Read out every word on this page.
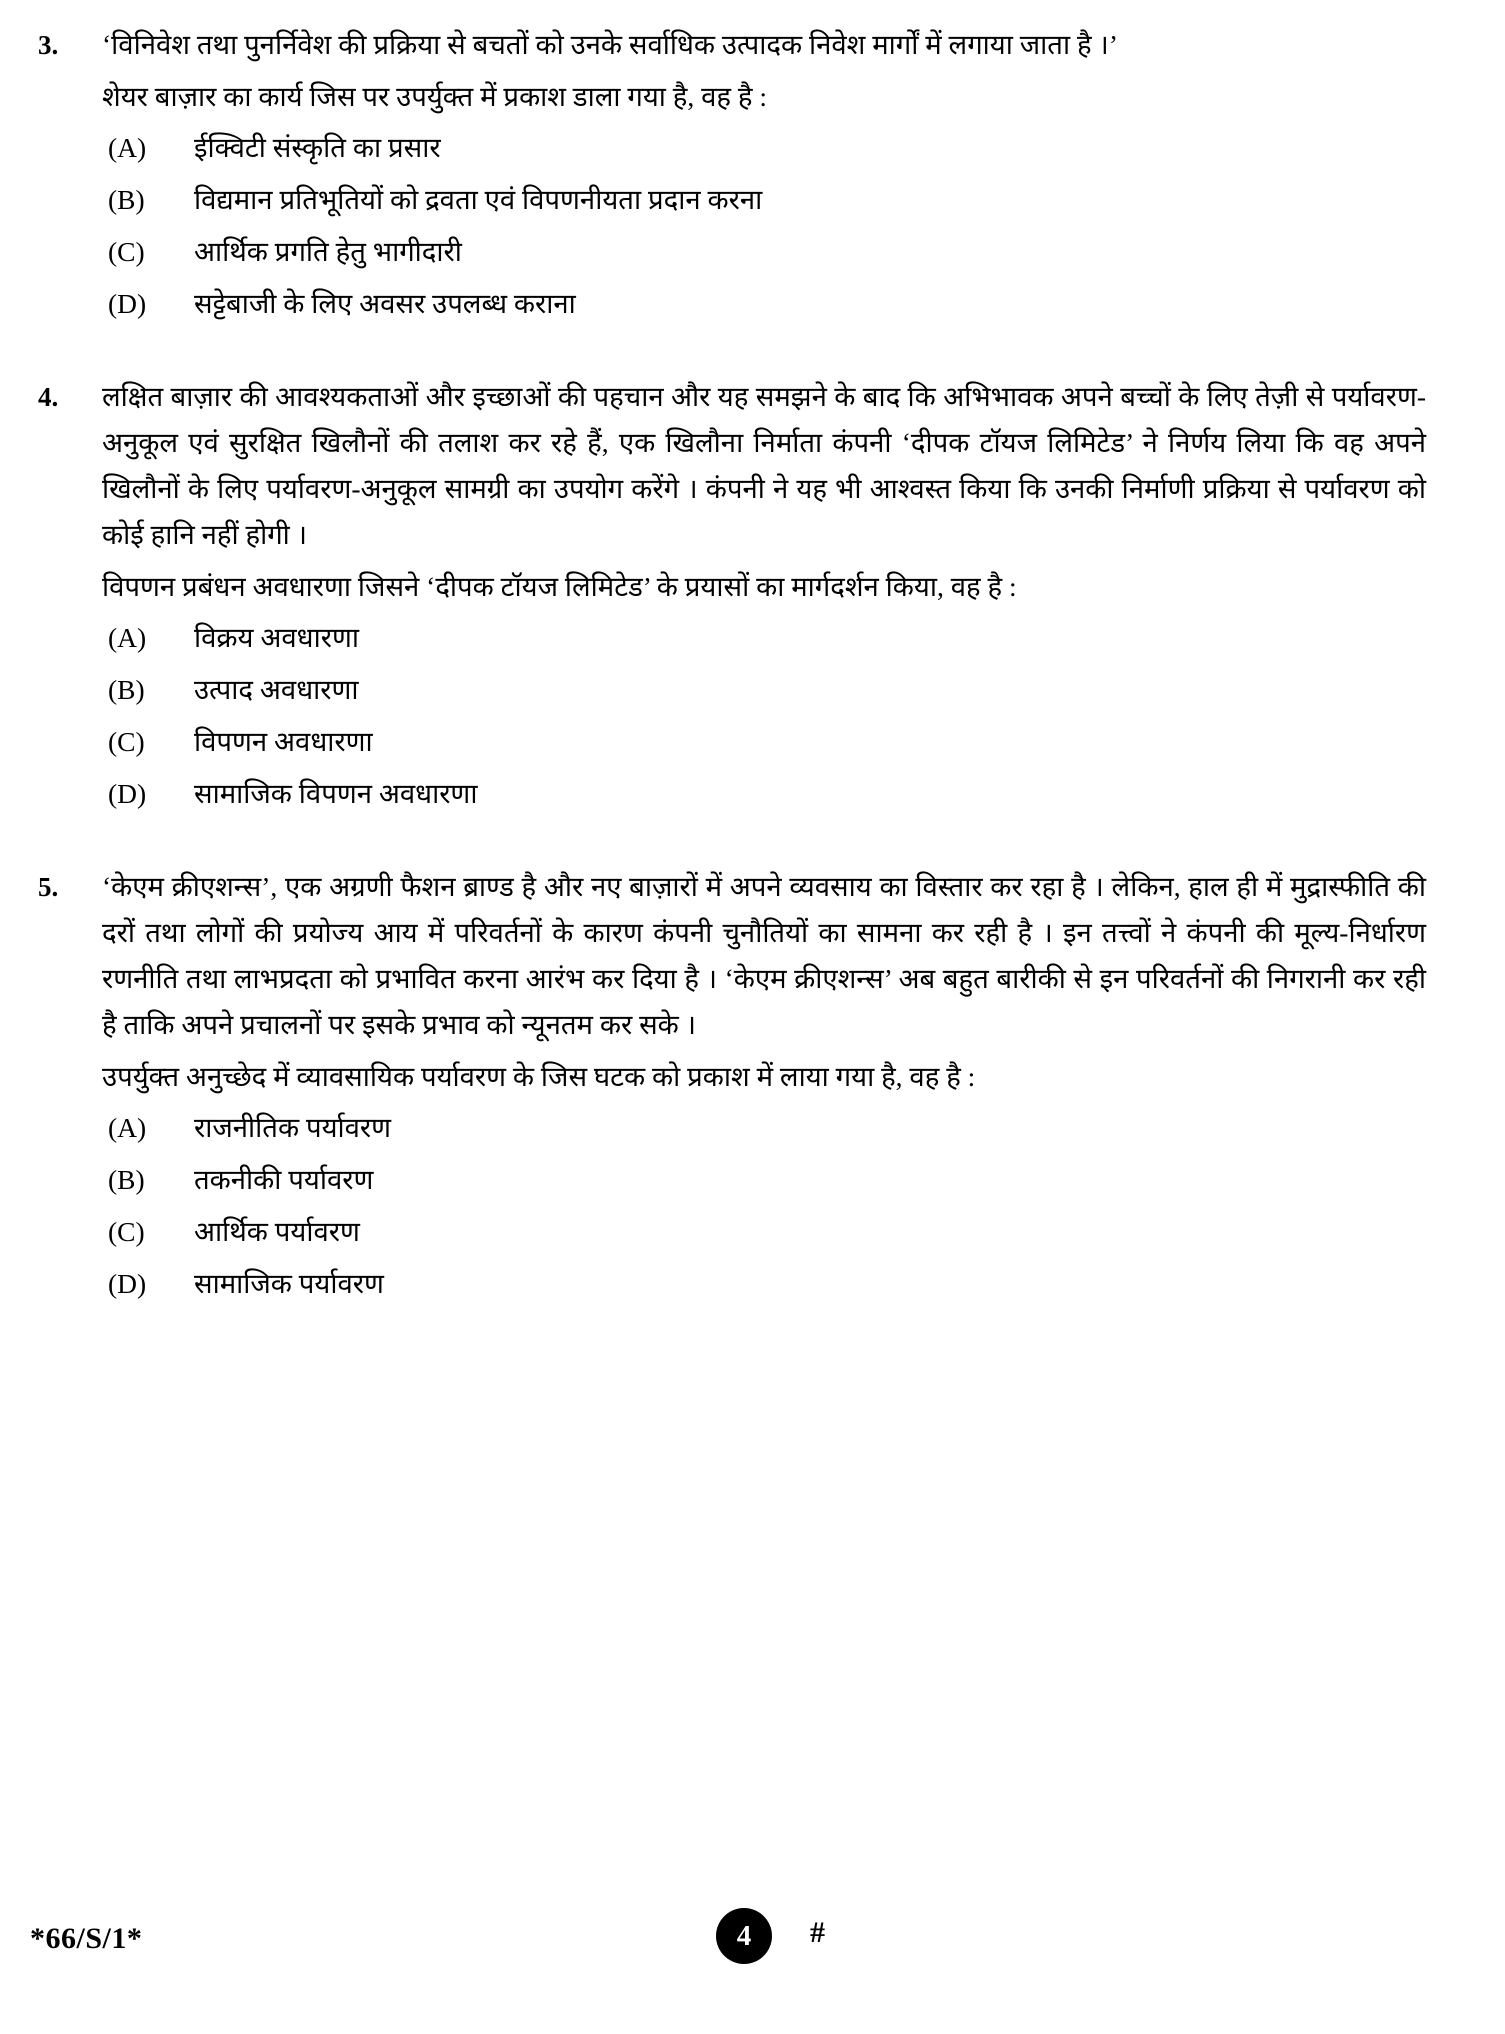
3.	‘विनिवेश तथा पुनर्निवेश की प्रक्रिया से बचतों को उनके सर्वाधिक उत्पादक निवेश मार्गों में लगाया जाता है ।’

शेयर बाज़ार का कार्य जिस पर उपर्युक्त में प्रकाश डाला गया है, वह है :

(A)	ईक्विटी संस्कृति का प्रसार
(B)	विद्यमान प्रतिभूतियों को द्रवता एवं विपणनीयता प्रदान करना
(C)	आर्थिक प्रगति हेतु भागीदारी
(D)	सट्टेबाजी के लिए अवसर उपलब्ध कराना
4.	लक्षित बाज़ार की आवश्यकताओं और इच्छाओं की पहचान और यह समझने के बाद कि अभिभावक अपने बच्चों के लिए तेज़ी से पर्यावरण-अनुकूल एवं सुरक्षित खिलौनों की तलाश कर रहे हैं, एक खिलौना निर्माता कंपनी ‘दीपक टॉयज लिमिटेड’ ने निर्णय लिया कि वह अपने खिलौनों के लिए पर्यावरण-अनुकूल सामग्री का उपयोग करेंगे । कंपनी ने यह भी आश्वस्त किया कि उनकी निर्माणी प्रक्रिया से पर्यावरण को कोई हानि नहीं होगी ।

विपणन प्रबंधन अवधारणा जिसने ‘दीपक टॉयज लिमिटेड’ के प्रयासों का मार्गदर्शन किया, वह है :

(A)	विक्रय अवधारणा
(B)	उत्पाद अवधारणा
(C)	विपणन अवधारणा
(D)	सामाजिक विपणन अवधारणा
5.	‘केएम क्रीएशन्स’, एक अग्रणी फैशन ब्राण्ड है और नए बाज़ारों में अपने व्यवसाय का विस्तार कर रहा है । लेकिन, हाल ही में मुद्रास्फीति की दरों तथा लोगों की प्रयोज्य आय में परिवर्तनों के कारण कंपनी चुनौतियों का सामना कर रही है । इन तत्त्वों ने कंपनी की मूल्य-निर्धारण रणनीति तथा लाभप्रदता को प्रभावित करना आरंभ कर दिया है । ‘केएम क्रीएशन्स’ अब बहुत बारीकी से इन परिवर्तनों की निगरानी कर रही है ताकि अपने प्रचालनों पर इसके प्रभाव को न्यूनतम कर सके ।

उपर्युक्त अनुच्छेद में व्यावसायिक पर्यावरण के जिस घटक को प्रकाश में लाया गया है, वह है :

(A)	राजनीतिक पर्यावरण
(B)	तकनीकी पर्यावरण
(C)	आर्थिक पर्यावरण
(D)	सामाजिक पर्यावरण
*66/S/1*	4	#
